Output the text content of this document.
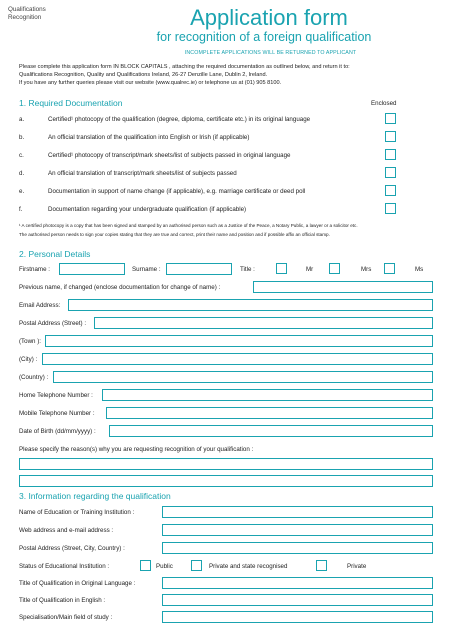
Qualifications
Recognition	Application form
for recognition of a foreign qualification
INCOMPLETE APPLICATIONS WILL BE RETURNED TO APPLICANT
Please complete this application form IN BLOCK CAPITALS , attaching the required documentation as outlined below, and return it to:
Qualifications Recognition, Quality and Qualifications Ireland, 26-27 Denzille Lane, Dublin 2, Ireland.
If you have any further queries please visit our website (www.qualrec.ie) or telephone us at (01) 905 8100.
1. Required Documentation	Enclosed
a.	Certified¹ photocopy of the qualification (degree, diploma, certificate etc.) in its original language
b.	An official translation of the qualification into English or Irish (if applicable)
c.	Certified¹ photocopy of transcript/mark sheets/list of subjects passed in original language
d.	An official translation of transcript/mark sheets/list of subjects passed
e.	Documentation in support of name change (if applicable), e.g. marriage certificate or deed poll
f.	Documentation regarding your undergraduate qualification (if applicable)
¹ A certified photocopy is a copy that has been signed and stamped by an authorised person such as a Justice of the Peace, a Notary Public, a lawyer or a solicitor etc.
The authorised person needs to sign your copies stating that they are true and correct, print their name and position and if possible affix an official stamp.
2. Personal Details
Firstname :	Surname :	Title :	Mr	Mrs	Ms
Previous name, if changed (enclose documentation for change of name) :
Email Address:
Postal Address (Street) :
(Town ):
(City) :
(Country) :
Home Telephone Number :
Mobile Telephone Number :
Date of Birth (dd/mm/yyyy) :
Please specify the reason(s) why you are requesting recognition of your qualification :
3. Information regarding the qualification
Name of Education or Training Institution :
Web address and e-mail address :
Postal Address (Street, City, Country) :
Status of Educational Institution :	Public	Private and state recognised	Private
Title of Qualification in Original Language :
Title of Qualification in English :
Specialisation/Main field of study :
